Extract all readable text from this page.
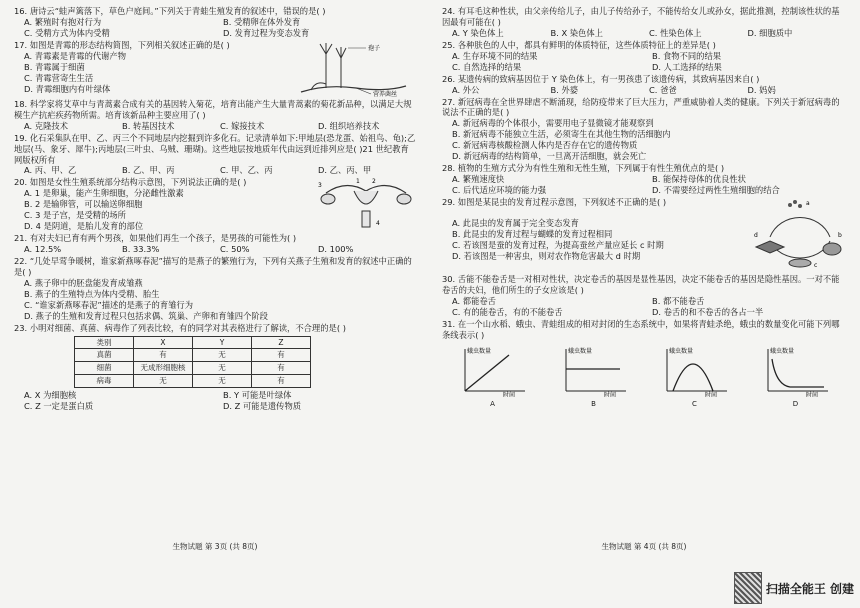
16. 唐诗云“蛙声篱落下，草色户庭间。”下列关于青蛙生殖发育的叙述中，错误的是( )
A. 繁殖时有抱对行为	B. 受精卵在体外发育
C. 受精方式为体内受精	D. 发育过程为变态发育
17. 如图是青霉的形态结构简图，下列相关叙述正确的是( )
A. 青霉素是青霉的代谢产物
B. 青霉属于细菌
C. 青霉营寄生生活
D. 青霉细胞内有叶绿体
孢子
营养菌丝
18. 科学家将艾草中与青蒿素合成有关的基因转入菊花，培育出能产生大量青蒿素的菊花新品种，以满足大规模生产抗疟疾药物所需。培育该新品种主要应用了( )
A. 克隆技术	B. 转基因技术	C. 嫁接技术	D. 组织培养技术
19. 化石采集队在甲、乙、丙三个不同地层内挖掘到许多化石。记录清单如下:甲地层(恐龙蛋、始祖鸟、龟);乙地层(马、象牙、犀牛);丙地层(三叶虫、乌贼、珊瑚)。这些地层按地质年代由远到近排列应是( )21 世纪教育网版权所有
A. 丙、甲、乙	B. 乙、甲、丙	C. 甲、乙、丙	D. 乙、丙、甲
20. 如图是女性生殖系统部分结构示意图，下列说法正确的是( )
A. 1 是卵巢，能产生卵细胞，分泌雌性激素
B. 2 是输卵管，可以输送卵细胞
C. 3 是子宫，是受精的场所
D. 4 是阴道，是胎儿发育的部位
1 2
3
4
21. 有对夫妇已育有两个男孩，如果他们再生一个孩子，是男孩的可能性为( )
A. 12.5%	B. 33.3%	C. 50%	D. 100%
22. “几处早莺争暖树，谁家新燕啄春泥”描写的是燕子的繁殖行为，下列有关燕子生殖和发育的叙述中正确的是( )
A. 燕子卵中的胚盘能发育成雏燕
B. 燕子的生殖特点为体内受精、胎生
C. “谁家新燕啄春泥”描述的是燕子的育雏行为
D. 燕子的生殖和发育过程只包括求偶、筑巢、产卵和育雏四个阶段
23. 小明对细菌、真菌、病毒作了列表比较，有的同学对其表格进行了解读，不合理的是( )
类别	X	Y	Z
真菌	有	无	有
细菌	无成形细胞核	无	有
病毒	无	无	有
A. X 为细胞核	B. Y 可能是叶绿体
C. Z 一定是蛋白质	D. Z 可能是遗传物质
生物试题 第 3页 (共 8页)
24. 有耳毛这种性状，由父亲传给儿子，由儿子传给孙子，不能传给女儿或孙女，据此推测，控制该性状的基因最有可能在( )
A. Y 染色体上	B. X 染色体上	C. 性染色体上	D. 细胞质中
25. 各种肤色的人中，都具有鲜明的体质特征，这些体质特征上的差异是( )
A. 生存环境不同的结果	B. 食物不同的结果
C. 自然选择的结果	D. 人工选择的结果
26. 某遗传病的致病基因位于 Y 染色体上，有一男孩患了该遗传病，其致病基因来自( )
A. 外公	B. 外婆	C. 爸爸	D. 妈妈
27. 新冠病毒在全世界肆虐不断涌现，给防疫带来了巨大压力，严重威胁着人类的健康。下列关于新冠病毒的说法不正确的是( )
A. 新冠病毒的个体很小，需要用电子显微镜才能观察到
B. 新冠病毒不能独立生活，必须寄生在其他生物的活细胞内
C. 新冠病毒核酸检测人体内是否存在它的遗传物质
D. 新冠病毒的结构简单，一旦离开活细胞，就会死亡
28. 植物的生殖方式分为有性生殖和无性生殖，下列属于有性生殖优点的是( )
A. 繁殖速度快	B. 能保持母体的优良性状
C. 后代适应环境的能力强	D. 不需要经过两性生殖细胞的结合
29. 如图是某昆虫的发育过程示意图，下列叙述不正确的是( )
A. 此昆虫的发育属于完全变态发育
B. 此昆虫的发育过程与蝴蝶的发育过程相同
C. 若该图是蚕的发育过程，为提高蚕丝产量应延长 c 时期
D. 若该图是一种害虫，则对农作物危害最大 d 时期
a
b
c
d
30. 舌能不能卷舌是一对相对性状，决定卷舌的基因是显性基因，决定不能卷舌的基因是隐性基因。一对不能卷舌的夫妇，他们所生的子女应该是( )
A. 都能卷舌	B. 都不能卷舌
C. 有的能卷舌，有的不能卷舌	D. 卷舌的和不卷舌的各占一半
31. 在一个山水稻、蛾虫、青蛙组成的相对封闭的生态系统中，如果将青蛙杀绝，蛾虫的数量变化可能下列哪条线表示( )
蛾虫数量
时间
A
蛾虫数量
时间
B
蛾虫数量
时间
C
蛾虫数量
时间
D
生物试题 第 4页 (共 8页)
扫描全能王 创建
